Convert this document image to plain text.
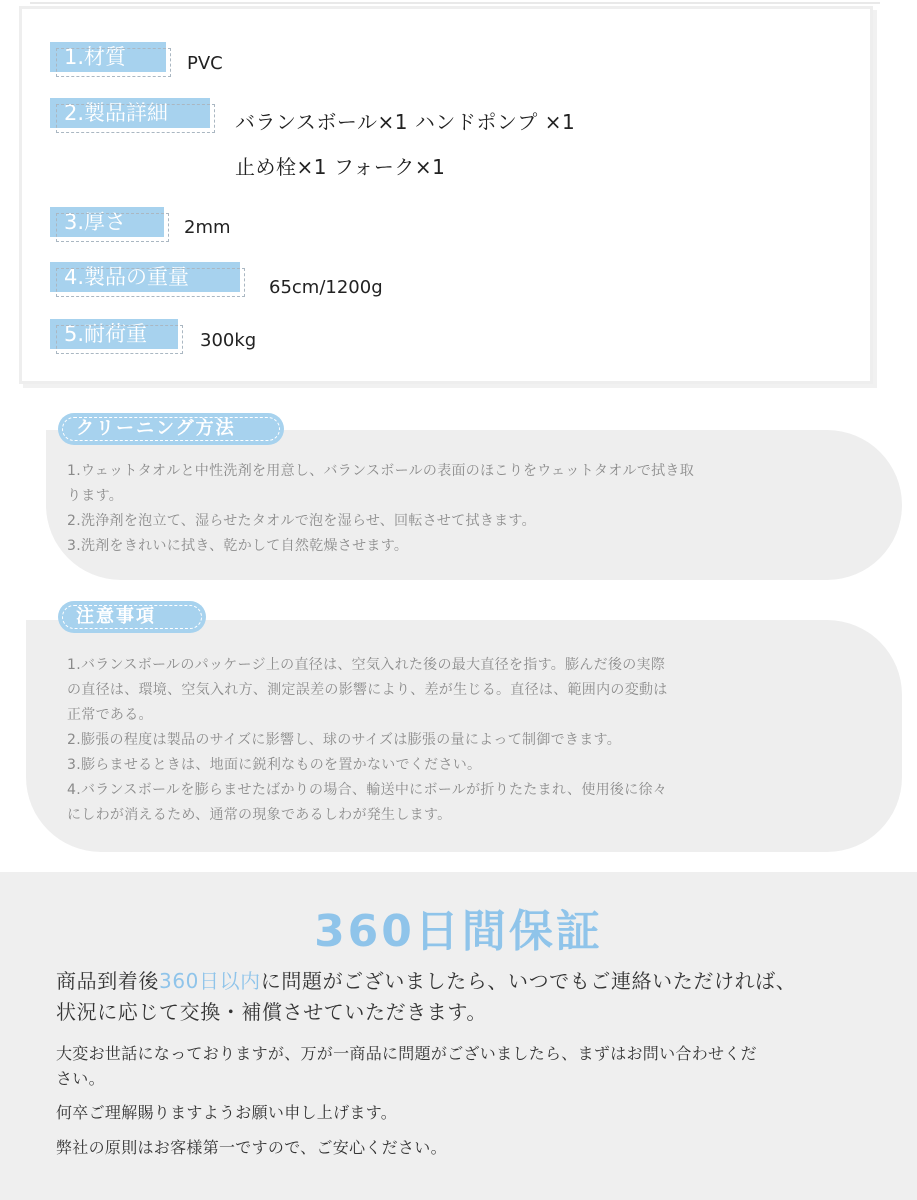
1.材質	PVC
2.製品詳細	バランスボール×1 ハンドポンプ ×1
止め栓×1 フォーク×1
3.厚さ	2mm
4.製品の重量	65cm/1200g
5.耐荷重	300kg
クリーニング方法
1.ウェットタオルと中性洗剤を用意し、バランスボールの表面のほこりをウェットタオルで拭き取
ります。
2.洗浄剤を泡立て、湿らせたタオルで泡を湿らせ、回転させて拭きます。
3.洗剤をきれいに拭き、乾かして自然乾燥させます。
注意事項
1.バランスボールのパッケージ上の直径は、空気入れた後の最大直径を指す。膨んだ後の実際
の直径は、環境、空気入れ方、測定誤差の影響により、差が生じる。直径は、範囲内の変動は
正常である。
2.膨張の程度は製品のサイズに影響し、球のサイズは膨張の量によって制御できます。
3.膨らませるときは、地面に鋭利なものを置かないでください。
4.バランスボールを膨らませたばかりの場合、輸送中にボールが折りたたまれ、使用後に徐々
にしわが消えるため、通常の現象であるしわが発生します。
360日間保証
商品到着後360日以内に問題がございましたら、いつでもご連絡いただければ、
状況に応じて交換・補償させていただきます。
大変お世話になっておりますが、万が一商品に問題がございましたら、まずはお問い合わせくだ
さい。
何卒ご理解賜りますようお願い申し上げます。
弊社の原則はお客様第一ですので、ご安心ください。
